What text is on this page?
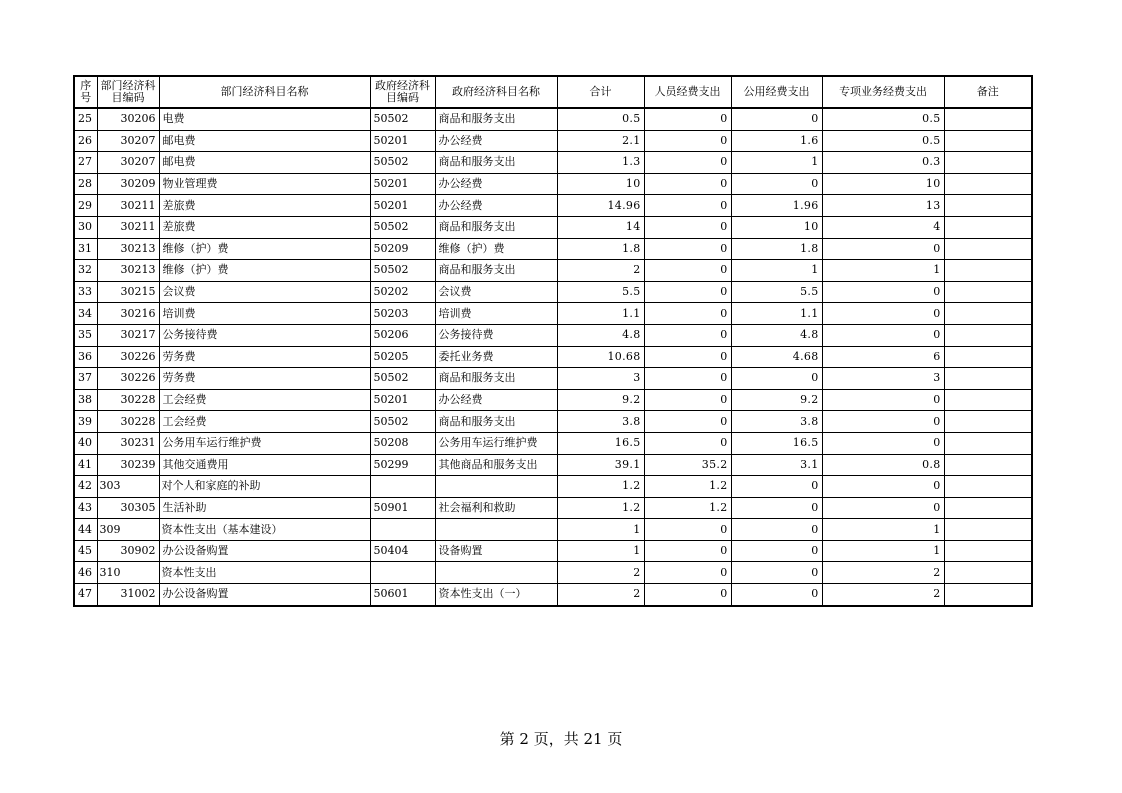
序号	部门经济科目编码	部门经济科目名称	政府经济科目编码	政府经济科目名称	合计	人员经费支出	公用经费支出	专项业务经费支出	备注
25	30206	电费	50502	商品和服务支出	0.5	0	0	0.5	
26	30207	邮电费	50201	办公经费	2.1	0	1.6	0.5	
27	30207	邮电费	50502	商品和服务支出	1.3	0	1	0.3	
28	30209	物业管理费	50201	办公经费	10	0	0	10	
29	30211	差旅费	50201	办公经费	14.96	0	1.96	13	
30	30211	差旅费	50502	商品和服务支出	14	0	10	4	
31	30213	维修（护）费	50209	维修（护）费	1.8	0	1.8	0	
32	30213	维修（护）费	50502	商品和服务支出	2	0	1	1	
33	30215	会议费	50202	会议费	5.5	0	5.5	0	
34	30216	培训费	50203	培训费	1.1	0	1.1	0	
35	30217	公务接待费	50206	公务接待费	4.8	0	4.8	0	
36	30226	劳务费	50205	委托业务费	10.68	0	4.68	6	
37	30226	劳务费	50502	商品和服务支出	3	0	0	3	
38	30228	工会经费	50201	办公经费	9.2	0	9.2	0	
39	30228	工会经费	50502	商品和服务支出	3.8	0	3.8	0	
40	30231	公务用车运行维护费	50208	公务用车运行维护费	16.5	0	16.5	0	
41	30239	其他交通费用	50299	其他商品和服务支出	39.1	35.2	3.1	0.8	
42	303	对个人和家庭的补助			1.2	1.2	0	0	
43	30305	生活补助	50901	社会福利和救助	1.2	1.2	0	0	
44	309	资本性支出（基本建设）			1	0	0	1	
45	30902	办公设备购置	50404	设备购置	1	0	0	1	
46	310	资本性支出			2	0	0	2	
47	31002	办公设备购置	50601	资本性支出（一）	2	0	0	2	
第 2 页，共 21 页
